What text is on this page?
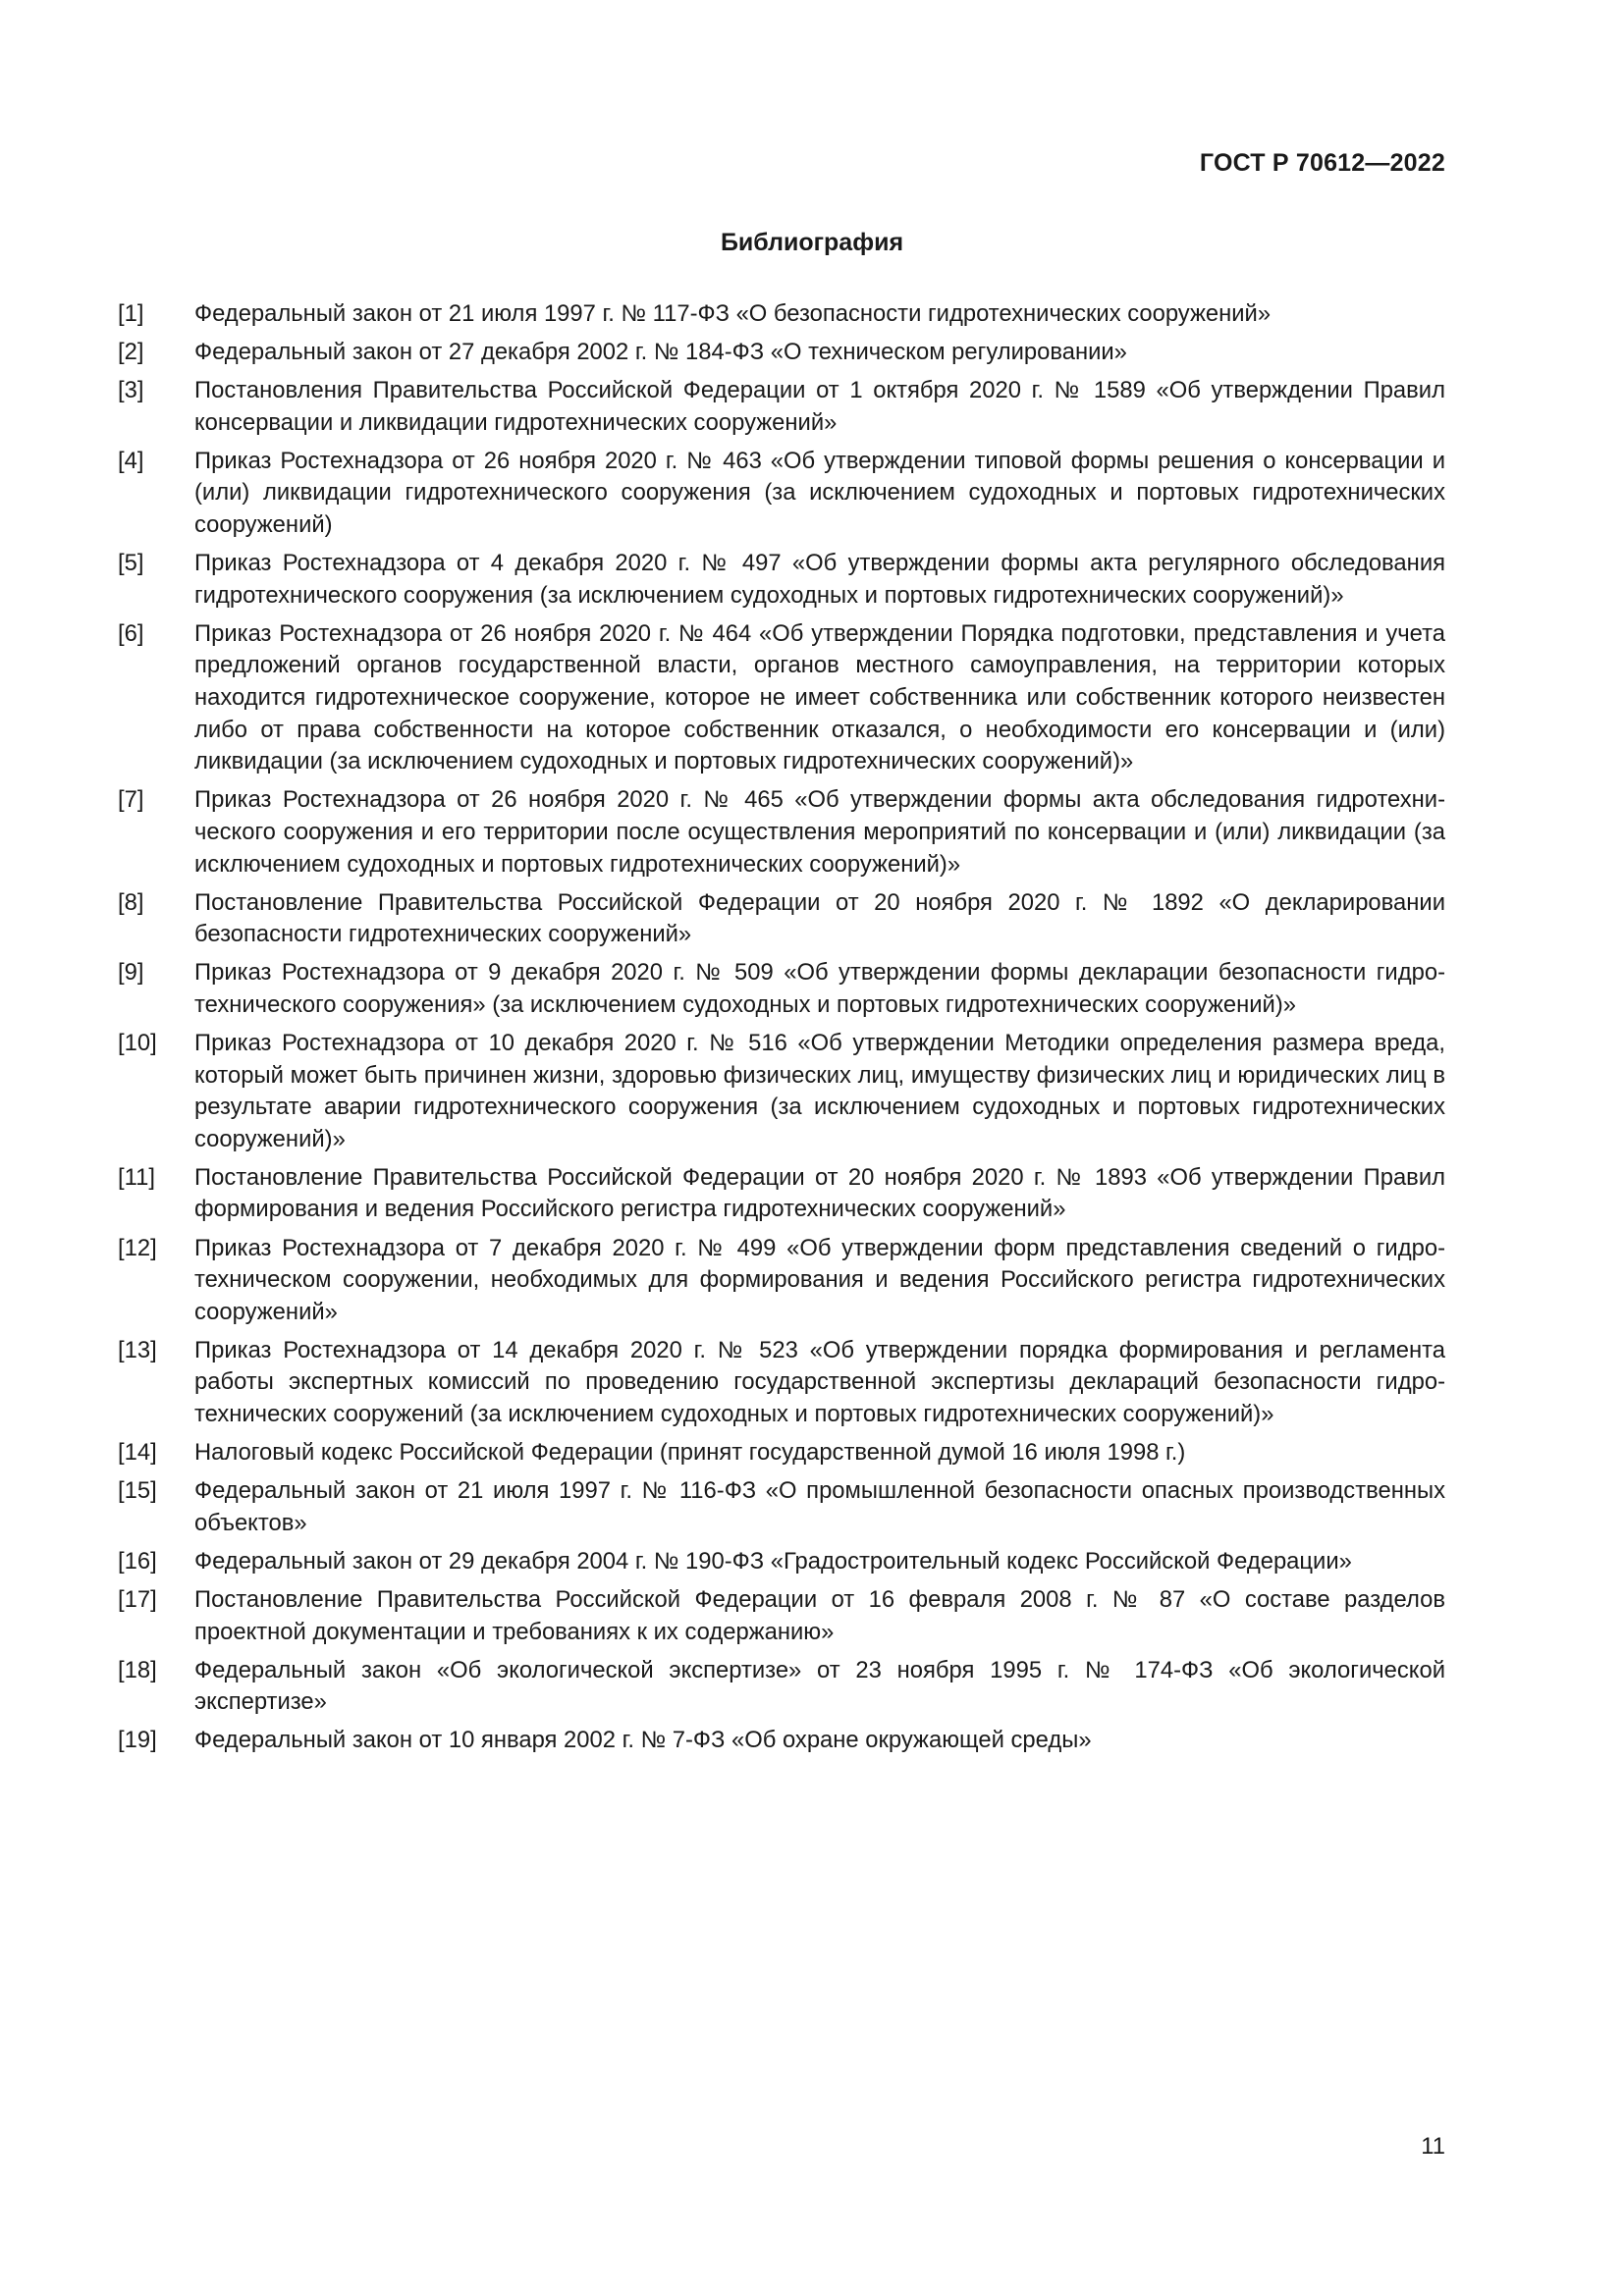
ГОСТ Р 70612—2022

Библиография
[1]	Федеральный закон от 21 июля 1997 г. № 117-ФЗ «О безопасности гидротехнических сооружений»
[2]	Федеральный закон от 27 декабря 2002 г. № 184-ФЗ «О техническом регулировании»
[3]	Постановления Правительства Российской Федерации от 1 октября 2020 г. № 1589 «Об утверждении Правил консервации и ликвидации гидротехнических сооружений»
[4]	Приказ Ростехнадзора от 26 ноября 2020 г. № 463 «Об утверждении типовой формы решения о консервации и (или) ликвидации гидротехнического сооружения (за исключением судоходных и портовых гидротехнических сооружений)
[5]	Приказ Ростехнадзора от 4 декабря 2020 г. № 497 «Об утверждении формы акта регулярного обследования гидротехнического сооружения (за исключением судоходных и портовых гидротехнических сооружений)»
[6]	Приказ Ростехнадзора от 26 ноября 2020 г. № 464 «Об утверждении Порядка подготовки, представления и учета предложений органов государственной власти, органов местного самоуправления, на территории которых находится гидротехническое сооружение, которое не имеет собственника или собственник которого неизвестен либо от права собственности на которое собственник отказался, о необходимости его консервации и (или) ликвидации (за исключением судоходных и портовых гидротехнических сооружений)»
[7]	Приказ Ростехнадзора от 26 ноября 2020 г. № 465 «Об утверждении формы акта обследования гидротехнического сооружения и его территории после осуществления мероприятий по консервации и (или) ликвидации (за исключением судоходных и портовых гидротехнических сооружений)»
[8]	Постановление Правительства Российской Федерации от 20 ноября 2020 г. № 1892 «О декларировании безопасности гидротехнических сооружений»
[9]	Приказ Ростехнадзора от 9 декабря 2020 г. № 509 «Об утверждении формы декларации безопасности гидротехнического сооружения» (за исключением судоходных и портовых гидротехнических сооружений)»
[10]	Приказ Ростехнадзора от 10 декабря 2020 г. № 516 «Об утверждении Методики определения размера вреда, который может быть причинен жизни, здоровью физических лиц, имуществу физических лиц и юридических лиц в результате аварии гидротехнического сооружения (за исключением судоходных и портовых гидротехнических сооружений)»
[11]	Постановление Правительства Российской Федерации от 20 ноября 2020 г. № 1893 «Об утверждении Правил формирования и ведения Российского регистра гидротехнических сооружений»
[12]	Приказ Ростехнадзора от 7 декабря 2020 г. № 499 «Об утверждении форм представления сведений о гидротехническом сооружении, необходимых для формирования и ведения Российского регистра гидротехнических сооружений»
[13]	Приказ Ростехнадзора от 14 декабря 2020 г. № 523 «Об утверждении порядка формирования и регламента работы экспертных комиссий по проведению государственной экспертизы деклараций безопасности гидротехнических сооружений (за исключением судоходных и портовых гидротехнических сооружений)»
[14]	Налоговый кодекс Российской Федерации (принят государственной думой 16 июля 1998 г.)
[15]	Федеральный закон от 21 июля 1997 г. № 116-ФЗ «О промышленной безопасности опасных производственных объектов»
[16]	Федеральный закон от 29 декабря 2004 г. № 190-ФЗ «Градостроительный кодекс Российской Федерации»
[17]	Постановление Правительства Российской Федерации от 16 февраля 2008 г. № 87 «О составе разделов проектной документации и требованиях к их содержанию»
[18]	Федеральный закон «Об экологической экспертизе» от 23 ноября 1995 г. № 174-ФЗ «Об экологической экспертизе»
[19]	Федеральный закон от 10 января 2002 г. № 7-ФЗ «Об охране окружающей среды»

11
